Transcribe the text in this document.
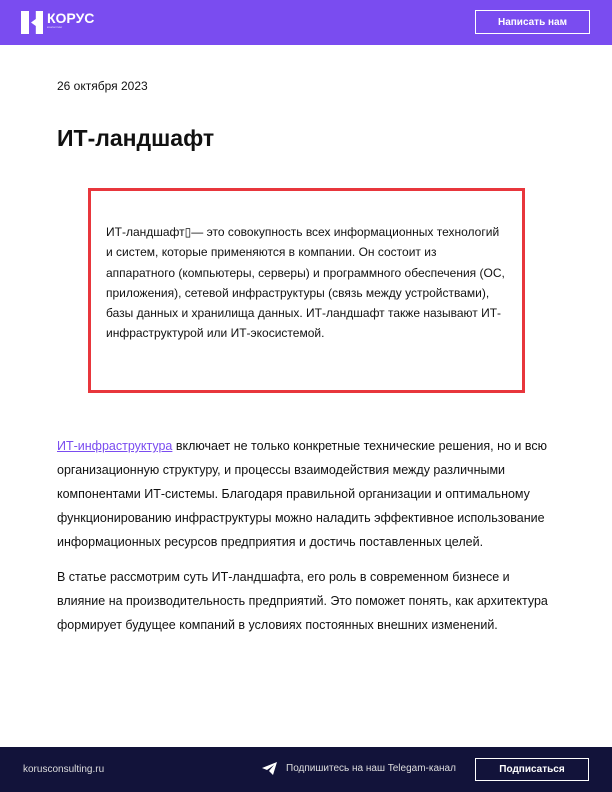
КОРУС
консалтинг	Написать нам
26 октября 2023
ИТ-ландшафт
ИТ-ландшафт▯— это совокупность всех информационных технологий и систем, которые применяются в компании. Он состоит из аппаратного (компьютеры, серверы) и программного обеспечения (ОС, приложения), сетевой инфраструктуры (связь между устройствами), базы данных и хранилища данных. ИТ-ландшафт также называют ИТ-инфраструктурой или ИТ-экосистемой.

ИТ-инфраструктура включает не только конкретные технические решения, но и всю организационную структуру, и процессы взаимодействия между различными компонентами ИТ-системы. Благодаря правильной организации и оптимальному функционированию инфраструктуры можно наладить эффективное использование информационных ресурсов предприятия и достичь поставленных целей.

В статье рассмотрим суть ИТ-ландшафта, его роль в современном бизнесе и влияние на производительность предприятий. Это поможет понять, как архитектура формирует будущее компаний в условиях постоянных внешних изменений.

korusconsulting.ru	Подпишитесь на наш Telegam-канал	Подписаться
